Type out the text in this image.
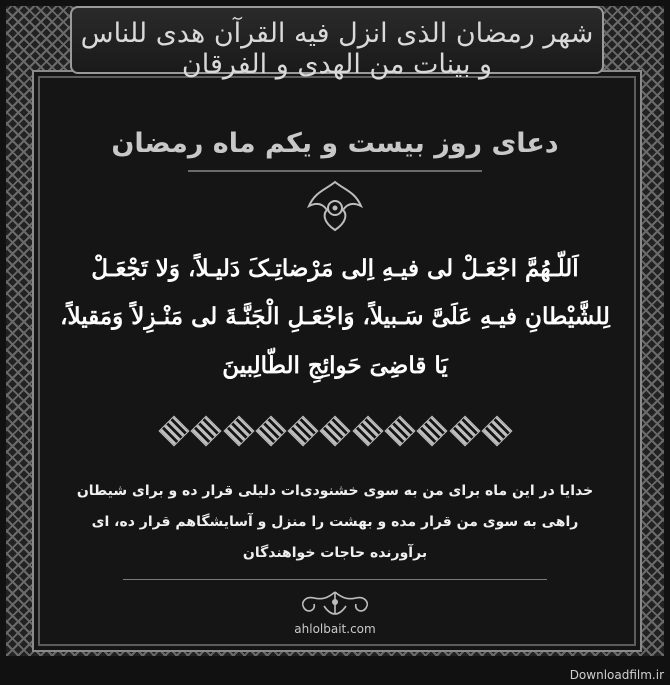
شهر رمضان الذی انزل فیه القرآن هدی للناس و بینات من الهدی و الفرقان
دعای روز بیست و یکم ماه رمضان
اَللّـهُمَّ اجْعَـلْ لی فیـهِ اِلی مَرْضاتِـکَ دَلیـلاً، وَلا تَجْعَـلْ
لِلشَّیْطانِ فیـهِ عَلَیَّ سَـبیلاً، وَاجْعَـلِ الْجَنَّـةَ لی مَنْـزِلاً وَمَقیلاً،
یَا قاضِیَ حَوائِجِ الطّالِبینَ
خدایا در این ماه برای من به سوی خشنودی‌ات دلیلی قرار ده و برای شیطان
راهی به سوی من قرار مده و بهشت را منزل و آسایشگاهم قرار ده، ای
برآورنده حاجات خواهندگان
ahlolbait.com
Downloadfilm.ir
